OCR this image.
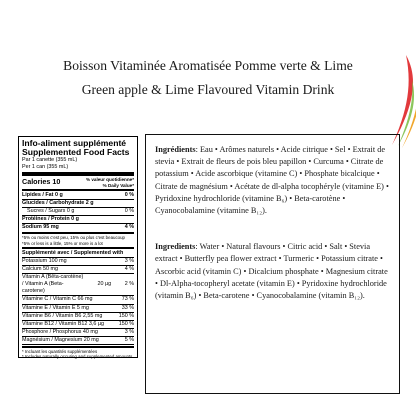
Boisson Vitaminée Aromatisée Pomme verte & Lime
Green apple & Lime Flavoured Vitamin Drink
Info-aliment supplémenté
Supplemented Food Facts
Par 1 canette (355 mL)
Per 1 can (355 mL)
Calories 10	% valeur quotidienne*
% Daily Value*
Lipides / Fat 0 g	0 %
Glucides / Carbohydrate 2 g
Sucres / Sugars 0 g	0 %
Protéines / Protein 0 g
Sodium 95 mg	4 %
*5% ou moins c'est peu, 15% ou plus c'est beaucoup
*5% or less is a little, 15% or more is a lot
Supplémenté avec / Supplemented with
Potassium 100 mg	3 %
Calcium 50 mg	4 %
Vitamin A (Bêta-carotène) / Vitamin A (Beta-carotene)
20 µg	2 %
Vitamine C / Vitamin C 66 mg	73 %
Vitamine E / Vitamin E 5 mg	33 %
Vitamine B6 / Vitamin B6 2,55 mg	150 %
Vitamine B12 / Vitamin B12 3,6 µg	150 %
Phosphore / Phosphorus 40 mg	3 %
Magnésium / Magnesium 20 mg	5 %
* Incluant les quantités supplémentées
* Includes naturally occuring and supplemented amounts

Ingrédients: Eau • Arômes naturels • Acide citrique • Sel • Extrait de stevia • Extrait de fleurs de pois bleu papillon • Curcuma • Citrate de potassium • Acide ascorbique (vitamine C) • Phosphate bicalcique • Citrate de magnésium • Acétate de dl-alpha tocophéryle (vitamine E) • Pyridoxine hydrochloride (vitamine B₆) • Beta-carotène • Cyanocobalamine (vitamine B₁₂).

Ingredients: Water • Natural flavours • Citric acid • Salt • Stevia extract • Butterfly pea flower extract • Turmeric • Potassium citrate • Ascorbic acid (vitamin C) • Dicalcium phosphate • Magnesium citrate • Dl-Alpha-tocopheryl acetate (vitamin E) • Pyridoxine hydrochloride (vitamin B₆) • Beta-carotene • Cyanocobalamine (vitamin B₁₂).
